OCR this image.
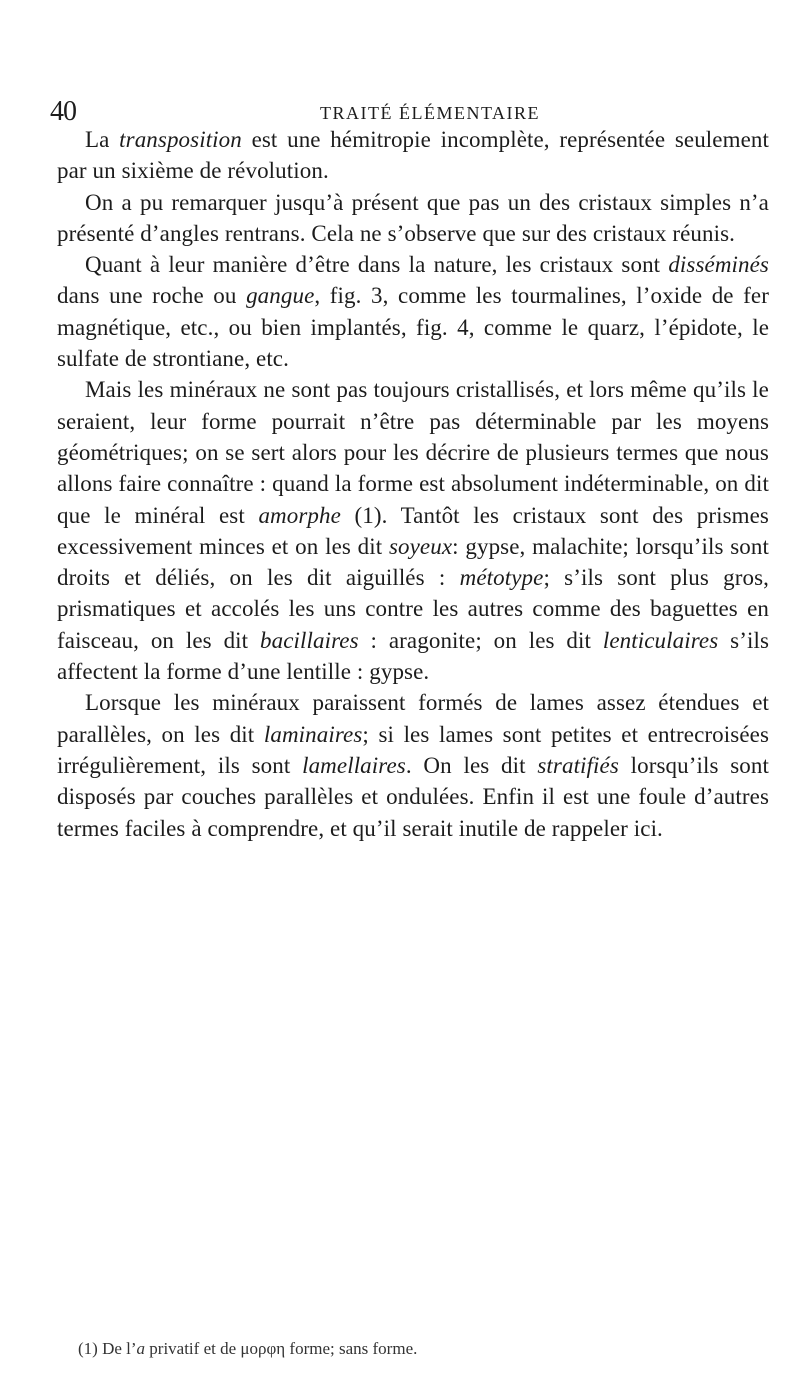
40	TRAITÉ ÉLÉMENTAIRE

La transposition est une hémitropie incomplète, représentée seulement par un sixième de révolution.

On a pu remarquer jusqu’à présent que pas un des cristaux simples n’a présenté d’angles rentrans. Cela ne s’observe que sur des cristaux réunis.

Quant à leur manière d’être dans la nature, les cristaux sont disséminés dans une roche ou gangue, fig. 3, comme les tourmalines, l’oxide de fer magnétique, etc., ou bien implantés, fig. 4, comme le quarz, l’épidote, le sulfate de strontiane, etc.

Mais les minéraux ne sont pas toujours cristallisés, et lors même qu’ils le seraient, leur forme pourrait n’être pas déterminable par les moyens géométriques; on se sert alors pour les décrire de plusieurs termes que nous allons faire connaître : quand la forme est absolument indéterminable, on dit que le minéral est amorphe (1). Tantôt les cristaux sont des prismes excessivement minces et on les dit soyeux: gypse, malachite; lorsqu’ils sont droits et déliés, on les dit aiguillés : métotype; s’ils sont plus gros, prismatiques et accolés les uns contre les autres comme des baguettes en faisceau, on les dit bacillaires : aragonite; on les dit lenticulaires s’ils affectent la forme d’une lentille : gypse.

Lorsque les minéraux paraissent formés de lames assez étendues et parallèles, on les dit laminaires; si les lames sont petites et entrecroisées irrégulièrement, ils sont lamellaires. On les dit stratifiés lorsqu’ils sont disposés par couches parallèles et ondulées. Enfin il est une foule d’autres termes faciles à comprendre, et qu’il serait inutile de rappeler ici.

(1) De l’a privatif et de μορφη forme; sans forme.
